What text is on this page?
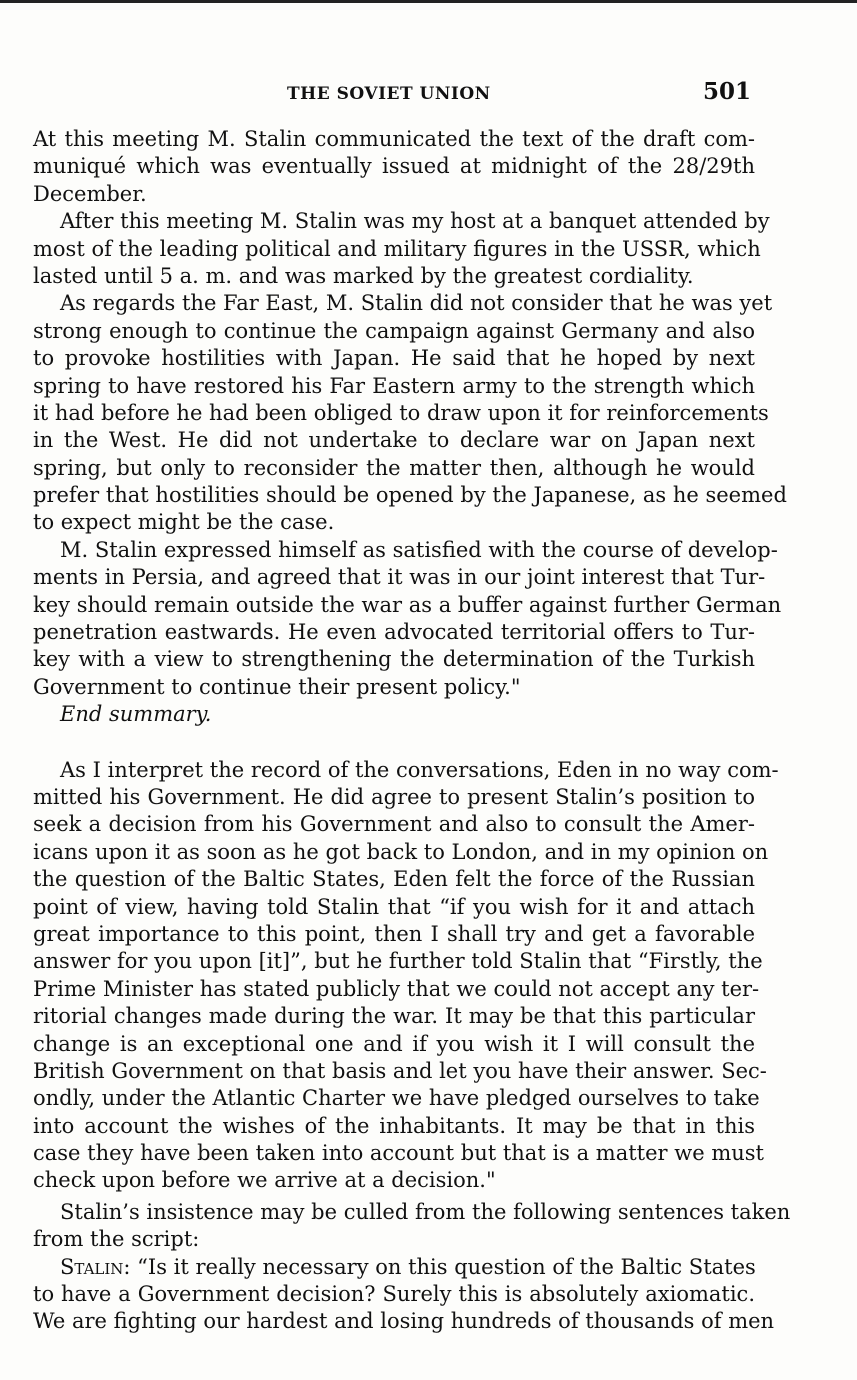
THE SOVIET UNION	501
At this meeting M. Stalin communicated the text of the draft com-
muniqué which was eventually issued at midnight of the 28/29th
December.
After this meeting M. Stalin was my host at a banquet attended by
most of the leading political and military figures in the USSR, which
lasted until 5 a. m. and was marked by the greatest cordiality.
As regards the Far East, M. Stalin did not consider that he was yet
strong enough to continue the campaign against Germany and also
to provoke hostilities with Japan. He said that he hoped by next
spring to have restored his Far Eastern army to the strength which
it had before he had been obliged to draw upon it for reinforcements
in the West. He did not undertake to declare war on Japan next
spring, but only to reconsider the matter then, although he would
prefer that hostilities should be opened by the Japanese, as he seemed
to expect might be the case.
M. Stalin expressed himself as satisfied with the course of develop-
ments in Persia, and agreed that it was in our joint interest that Tur-
key should remain outside the war as a buffer against further German
penetration eastwards. He even advocated territorial offers to Tur-
key with a view to strengthening the determination of the Turkish
Government to continue their present policy."
End summary.
As I interpret the record of the conversations, Eden in no way com-
mitted his Government. He did agree to present Stalin’s position to
seek a decision from his Government and also to consult the Amer-
icans upon it as soon as he got back to London, and in my opinion on
the question of the Baltic States, Eden felt the force of the Russian
point of view, having told Stalin that “if you wish for it and attach
great importance to this point, then I shall try and get a favorable
answer for you upon [it]”, but he further told Stalin that “Firstly, the
Prime Minister has stated publicly that we could not accept any ter-
ritorial changes made during the war. It may be that this particular
change is an exceptional one and if you wish it I will consult the
British Government on that basis and let you have their answer. Sec-
ondly, under the Atlantic Charter we have pledged ourselves to take
into account the wishes of the inhabitants. It may be that in this
case they have been taken into account but that is a matter we must
check upon before we arrive at a decision."
Stalin’s insistence may be culled from the following sentences taken
from the script:
Stalin: “Is it really necessary on this question of the Baltic States
to have a Government decision? Surely this is absolutely axiomatic.
We are fighting our hardest and losing hundreds of thousands of men
